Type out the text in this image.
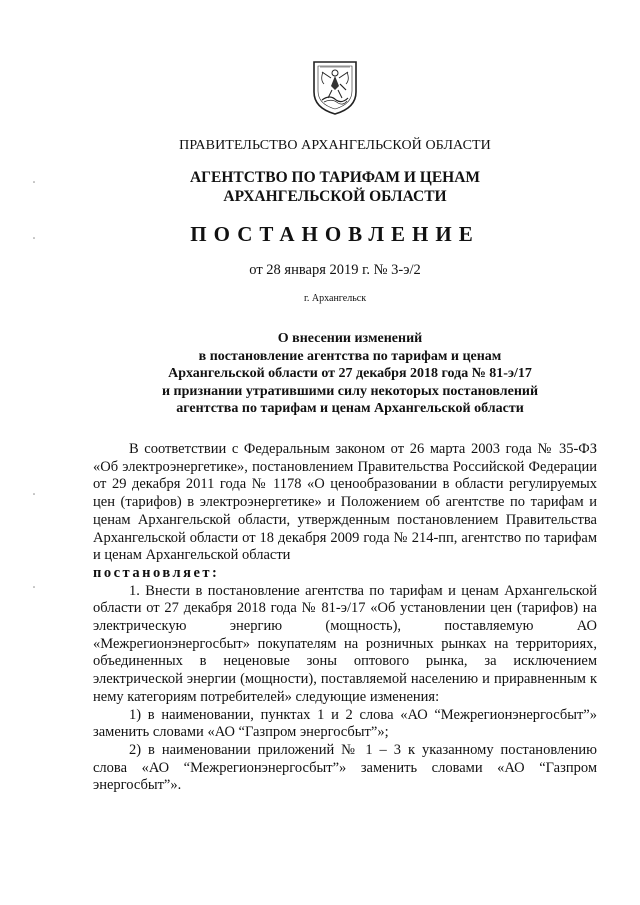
ПРАВИТЕЛЬСТВО АРХАНГЕЛЬСКОЙ ОБЛАСТИ
АГЕНТСТВО ПО ТАРИФАМ И ЦЕНАМ
АРХАНГЕЛЬСКОЙ ОБЛАСТИ
ПОСТАНОВЛЕНИЕ
от 28 января 2019 г. № 3-э/2
г. Архангельск
О внесении изменений
в постановление агентства по тарифам и ценам
Архангельской области от 27 декабря 2018 года № 81-э/17
и признании утратившими силу некоторых постановлений
агентства по тарифам и ценам Архангельской области

В соответствии с Федеральным законом от 26 марта 2003 года № 35-ФЗ «Об электроэнергетике», постановлением Правительства Российской Федерации от 29 декабря 2011 года № 1178 «О ценообразовании в области регулируемых цен (тарифов) в электроэнергетике» и Положением об агентстве по тарифам и ценам Архангельской области, утвержденным постановлением Правительства Архангельской области от 18 декабря 2009 года № 214-пп, агентство по тарифам и ценам Архангельской области

постановляет:

1. Внести в постановление агентства по тарифам и ценам Архангельской области от 27 декабря 2018 года № 81-э/17 «Об установлении цен (тарифов) на электрическую энергию (мощность), поставляемую АО «Межрегионэнергосбыт» покупателям на розничных рынках на территориях, объединенных в неценовые зоны оптового рынка, за исключением электрической энергии (мощности), поставляемой населению и приравненным к нему категориям потребителей» следующие изменения:

1) в наименовании, пунктах 1 и 2 слова «АО “Межрегионэнергосбыт”» заменить словами «АО “Газпром энергосбыт”»;

2) в наименовании приложений № 1 – 3 к указанному постановлению слова «АО “Межрегионэнергосбыт”» заменить словами «АО “Газпром энергосбыт”».
